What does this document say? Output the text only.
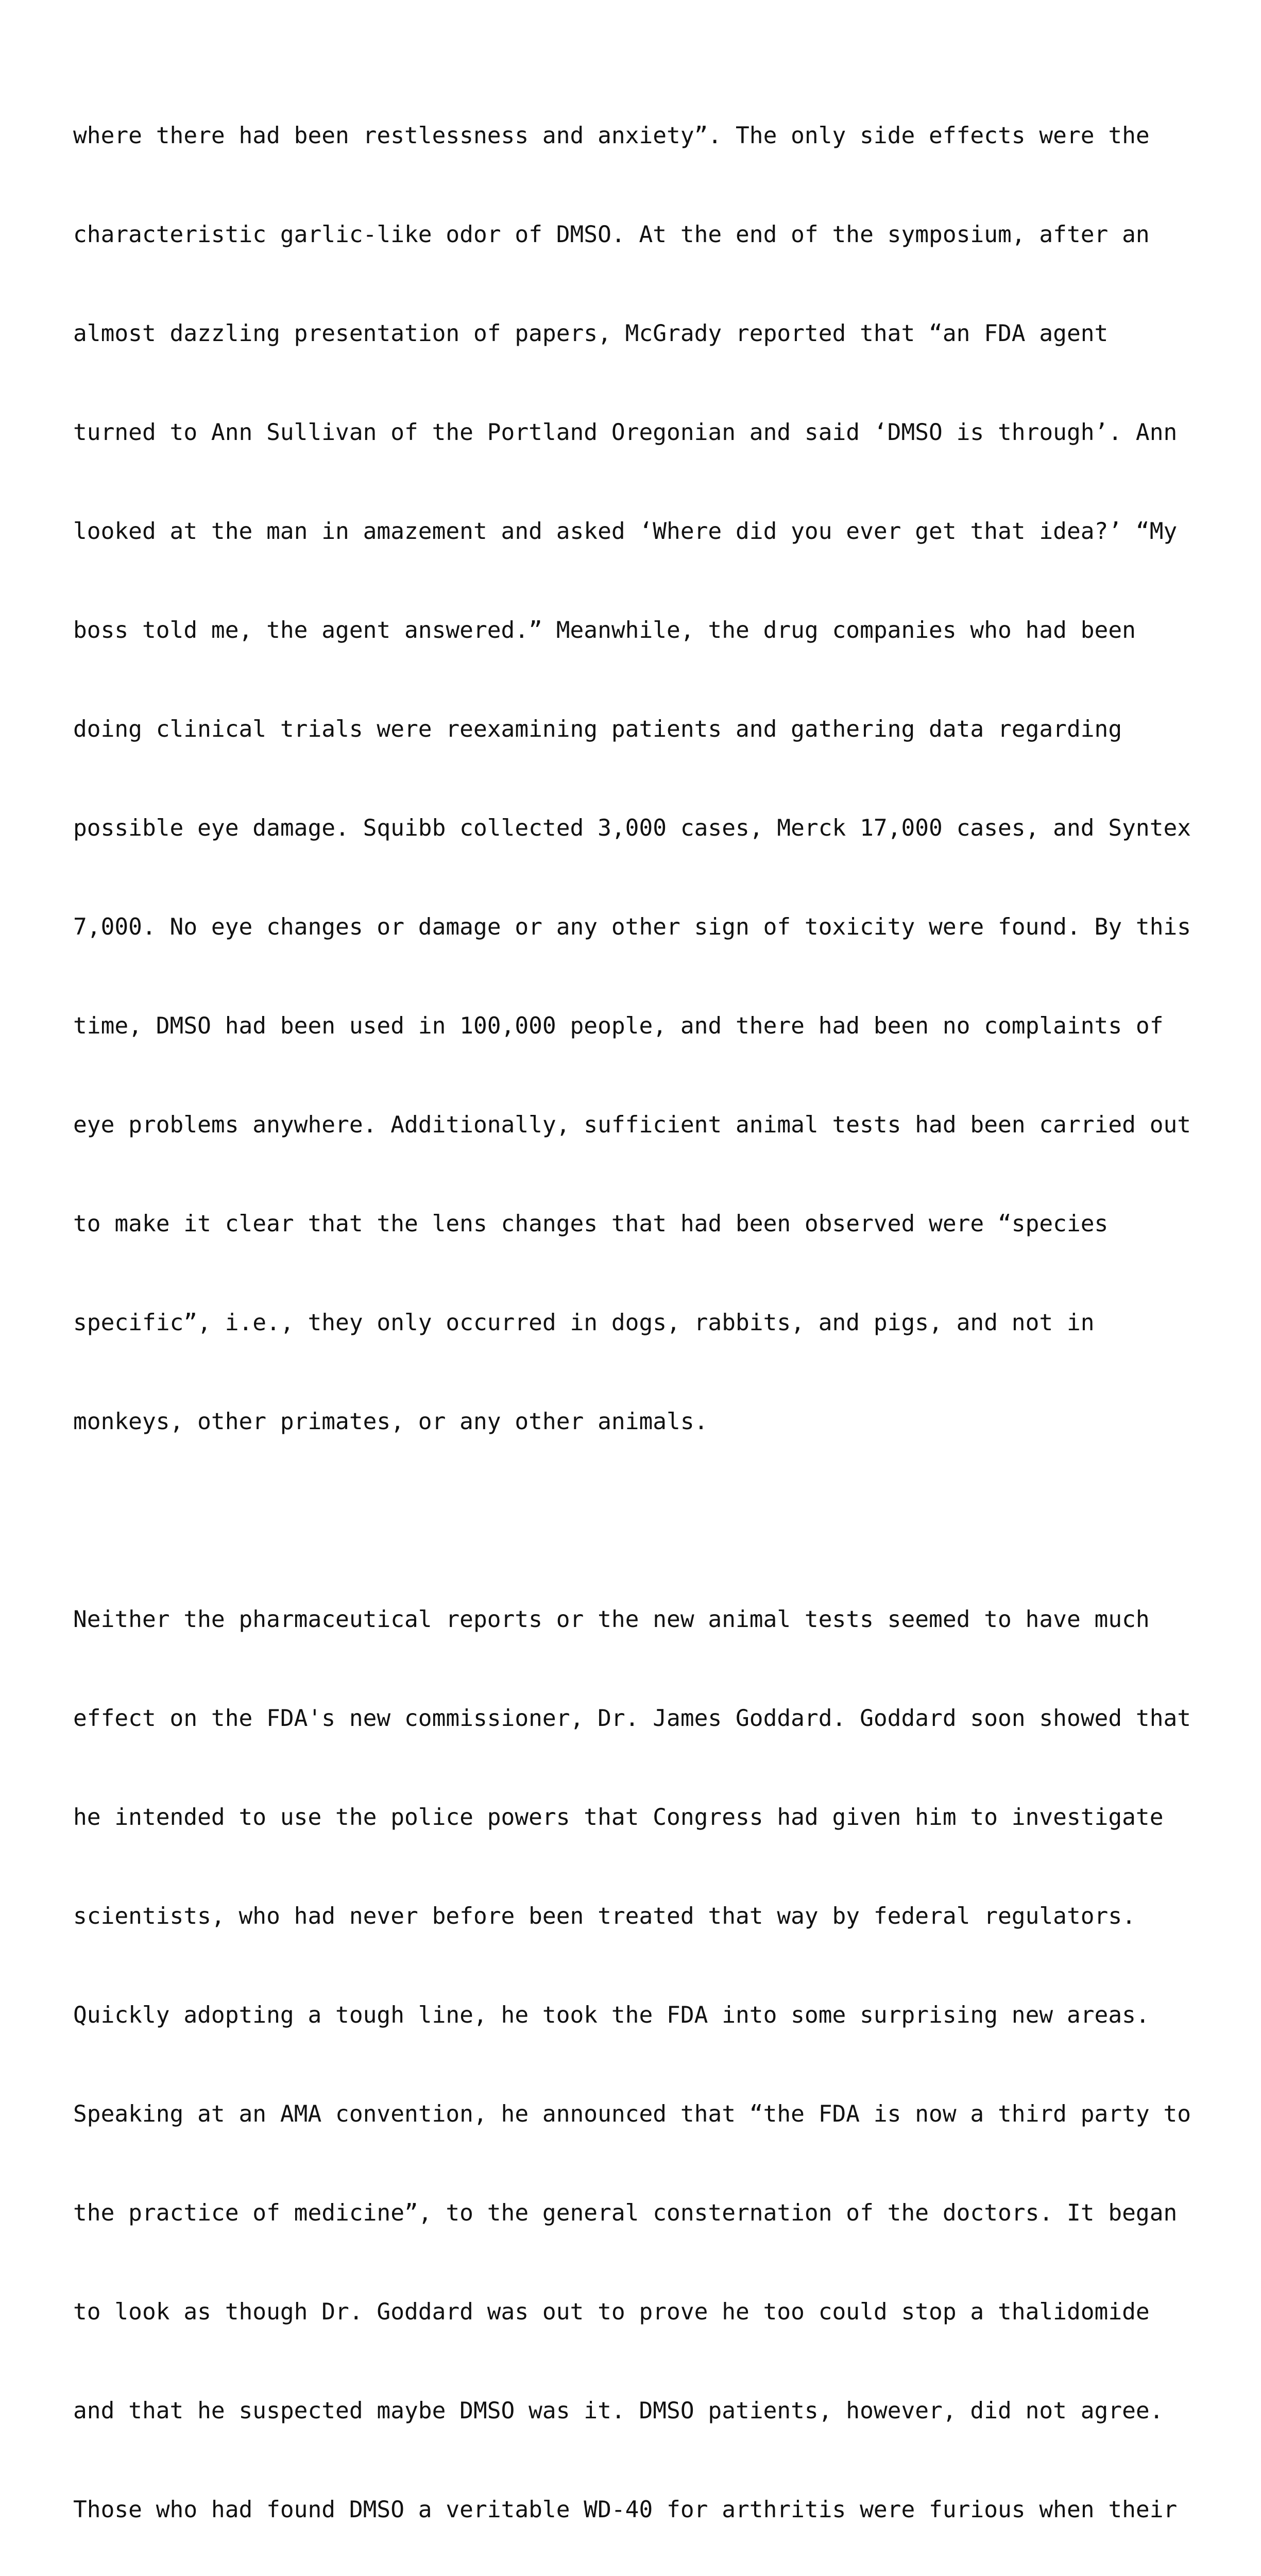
where there had been restlessness and anxiety”. The only side effects were the

characteristic garlic-like odor of DMSO. At the end of the symposium, after an

almost dazzling presentation of papers, McGrady reported that “an FDA agent

turned to Ann Sullivan of the Portland Oregonian and said ‘DMSO is through’. Ann

looked at the man in amazement and asked ‘Where did you ever get that idea?’ “My

boss told me, the agent answered.” Meanwhile, the drug companies who had been

doing clinical trials were reexamining patients and gathering data regarding

possible eye damage. Squibb collected 3,000 cases, Merck 17,000 cases, and Syntex

7,000. No eye changes or damage or any other sign of toxicity were found. By this

time, DMSO had been used in 100,000 people, and there had been no complaints of

eye problems anywhere. Additionally, sufficient animal tests had been carried out

to make it clear that the lens changes that had been observed were “species

specific”, i.e., they only occurred in dogs, rabbits, and pigs, and not in

monkeys, other primates, or any other animals.

Neither the pharmaceutical reports or the new animal tests seemed to have much

effect on the FDA's new commissioner, Dr. James Goddard. Goddard soon showed that

he intended to use the police powers that Congress had given him to investigate

scientists, who had never before been treated that way by federal regulators.

Quickly adopting a tough line, he took the FDA into some surprising new areas.

Speaking at an AMA convention, he announced that “the FDA is now a third party to

the practice of medicine”, to the general consternation of the doctors. It began

to look as though Dr. Goddard was out to prove he too could stop a thalidomide

and that he suspected maybe DMSO was it. DMSO patients, however, did not agree.

Those who had found DMSO a veritable WD-40 for arthritis were furious when their
